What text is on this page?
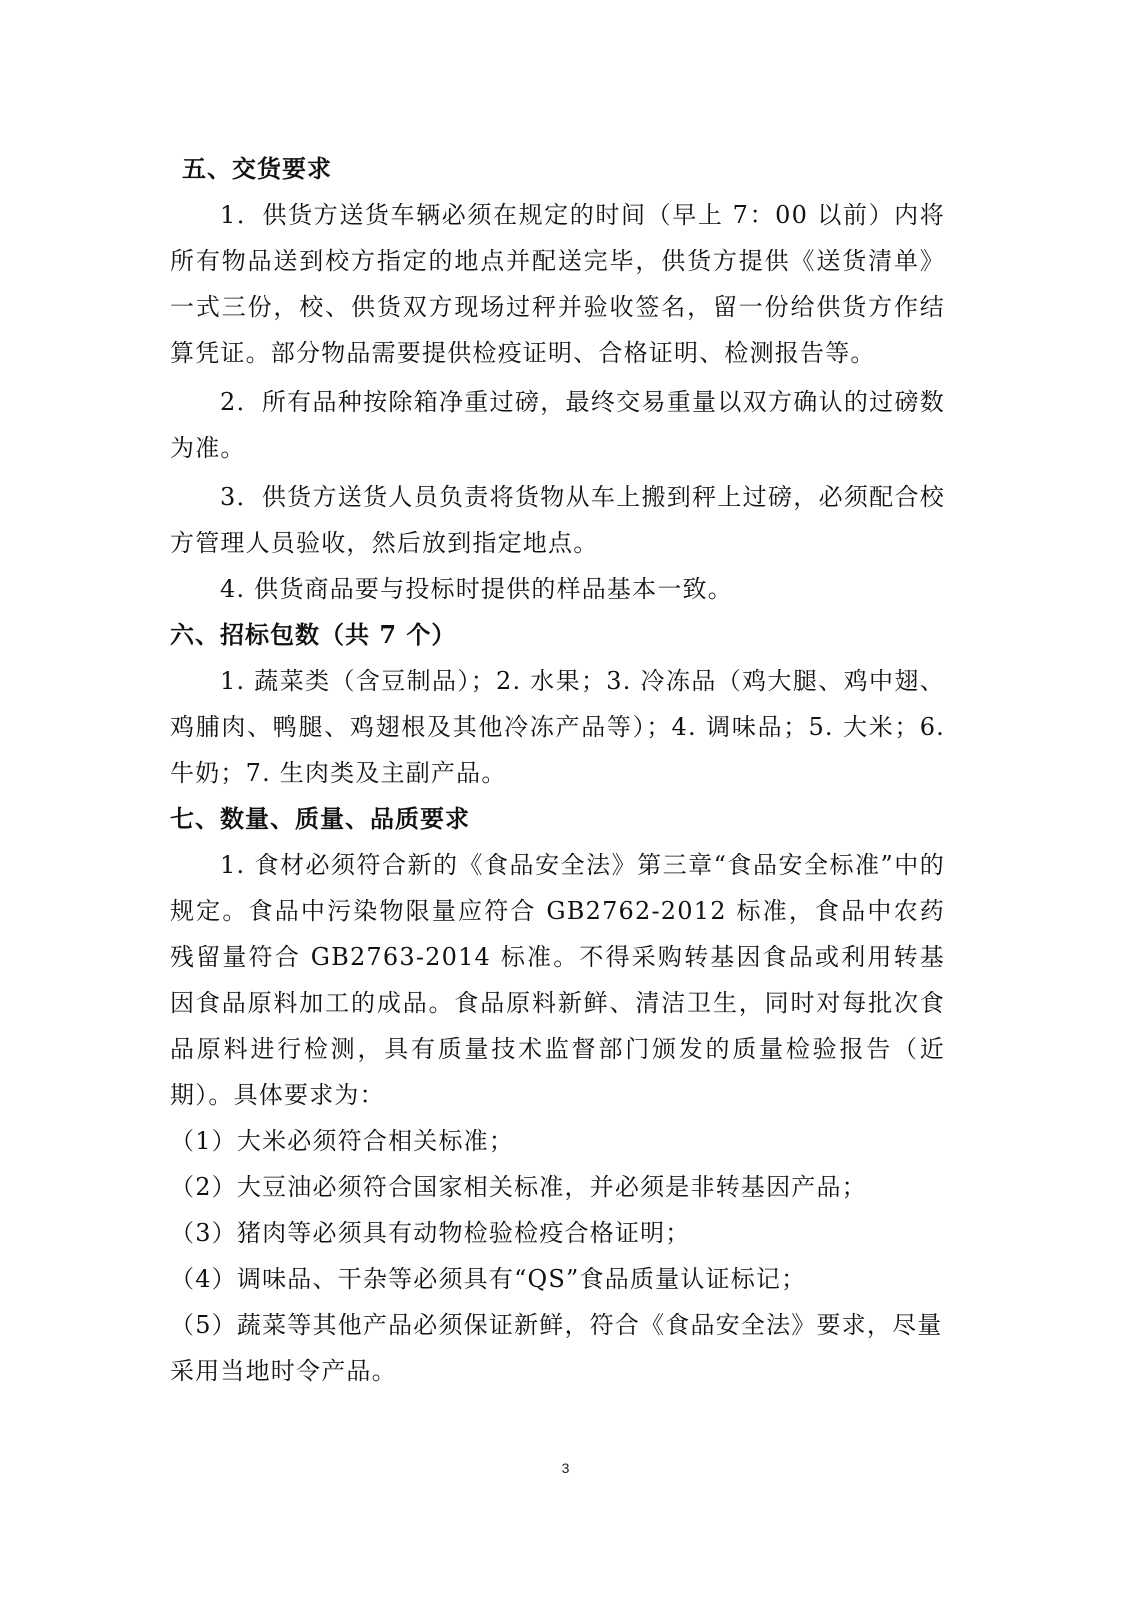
五、交货要求

1．供货方送货车辆必须在规定的时间（早上 7：00 以前）内将所有物品送到校方指定的地点并配送完毕，供货方提供《送货清单》一式三份，校、供货双方现场过秤并验收签名，留一份给供货方作结算凭证。部分物品需要提供检疫证明、合格证明、检测报告等。

2．所有品种按除箱净重过磅，最终交易重量以双方确认的过磅数为准。

3．供货方送货人员负责将货物从车上搬到秤上过磅，必须配合校方管理人员验收，然后放到指定地点。

4. 供货商品要与投标时提供的样品基本一致。

六、招标包数（共 7 个）

1. 蔬菜类（含豆制品）；2. 水果；3. 冷冻品（鸡大腿、鸡中翅、鸡脯肉、鸭腿、鸡翅根及其他冷冻产品等）；4. 调味品；5. 大米；6. 牛奶；7. 生肉类及主副产品。

七、数量、质量、品质要求

1. 食材必须符合新的《食品安全法》第三章“食品安全标准”中的规定。食品中污染物限量应符合 GB2762-2012 标准，食品中农药残留量符合 GB2763-2014 标准。不得采购转基因食品或利用转基因食品原料加工的成品。食品原料新鲜、清洁卫生，同时对每批次食品原料进行检测，具有质量技术监督部门颁发的质量检验报告（近期）。具体要求为：

（1）大米必须符合相关标准；

（2）大豆油必须符合国家相关标准，并必须是非转基因产品；

（3）猪肉等必须具有动物检验检疫合格证明；

（4）调味品、干杂等必须具有“QS”食品质量认证标记；

（5）蔬菜等其他产品必须保证新鲜，符合《食品安全法》要求，尽量采用当地时令产品。

3
